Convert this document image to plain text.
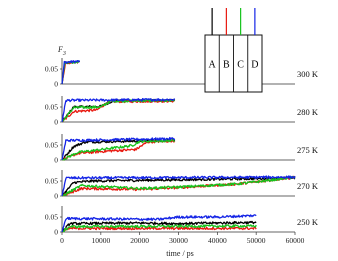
0
0.05	300 K
0
0.05	280 K
0
0.05	275 K
0
0.05	270 K
0
0.05	250 K
0	10000	20000	30000	40000	50000	60000
time / ps
$F_3$
A B C D
